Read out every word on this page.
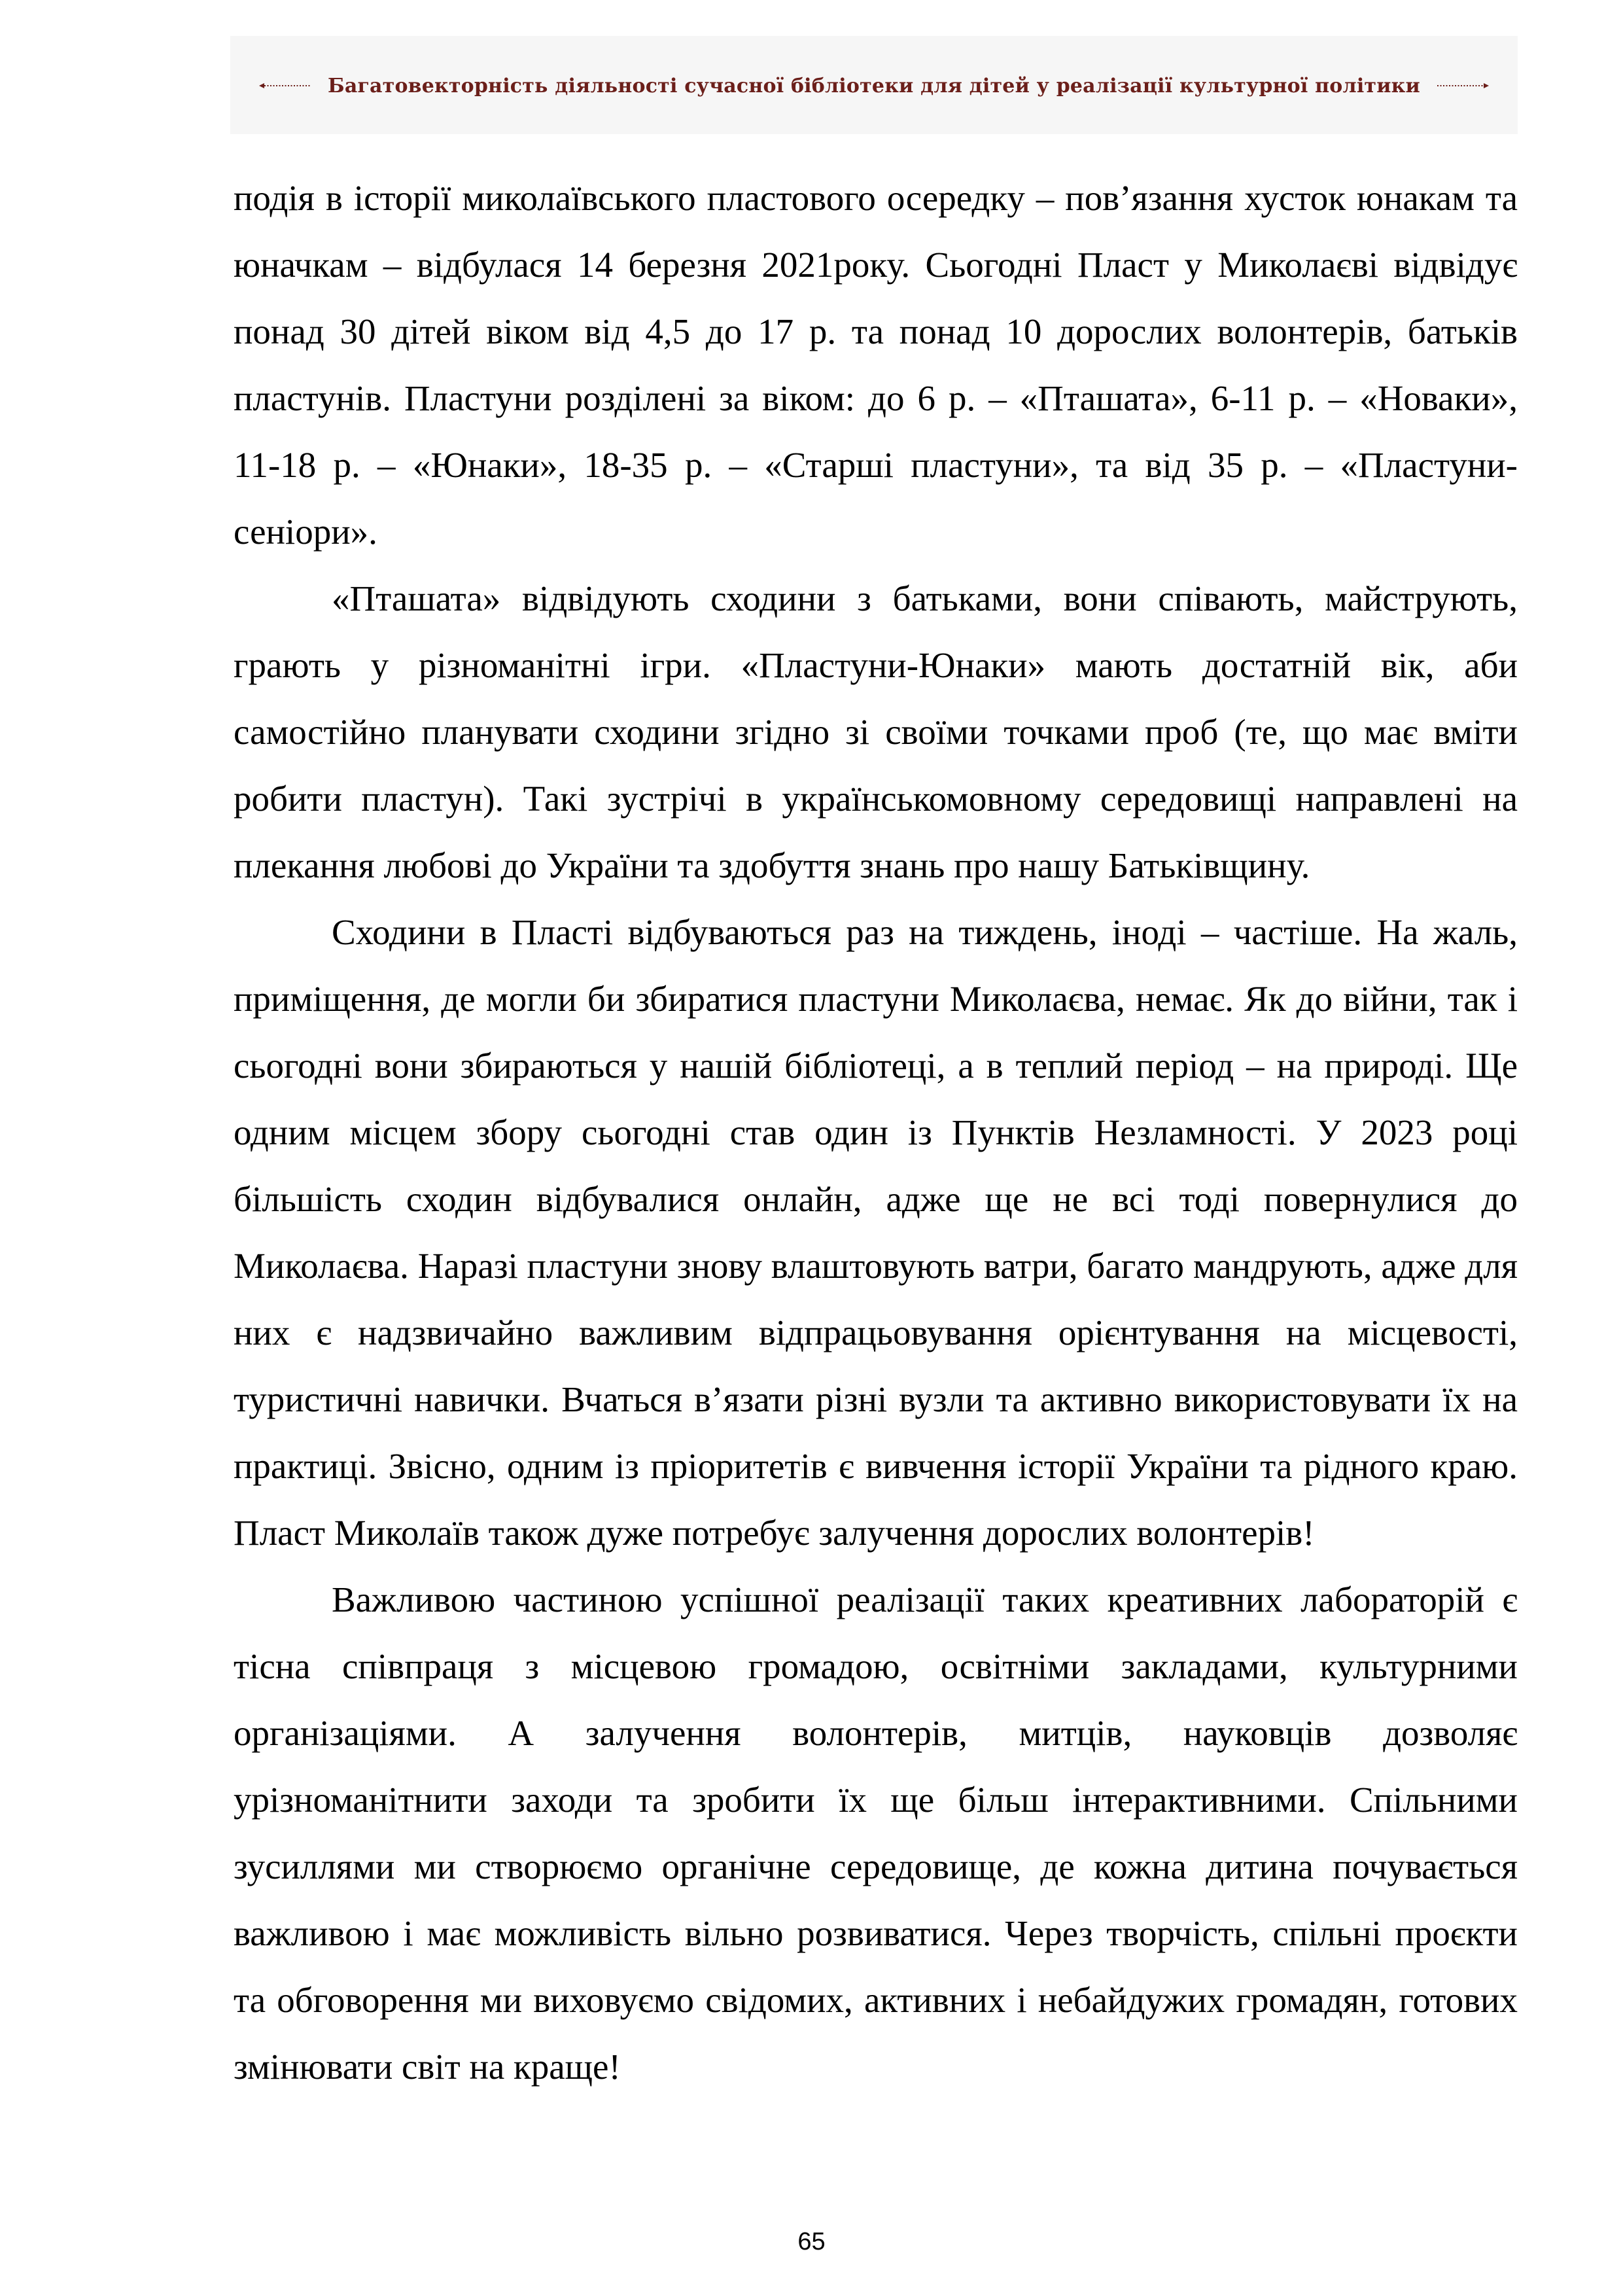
Багатовекторність діяльності сучасної бібліотеки для дітей у реалізації культурної політики

подія в історії миколаївського пластового осередку – пов’язання хусток юнакам та юначкам – відбулася 14 березня 2021року. Сьогодні Пласт у Миколаєві відвідує понад 30 дітей віком від 4,5 до 17 р. та понад 10 дорослих волонтерів, батьків пластунів. Пластуни розділені за віком: до 6 р. – «Пташата», 6-11 р. – «Новаки», 11-18 р. – «Юнаки», 18-35 р. – «Старші пластуни», та від 35 р. – «Пластуни-сеніори».

«Пташата» відвідують сходини з батьками, вони співають, майструють, грають у різноманітні ігри. «Пластуни-Юнаки» мають достатній вік, аби самостійно планувати сходини згідно зі своїми точками проб (те, що має вміти робити пластун). Такі зустрічі в українськомовному середовищі направлені на плекання любові до України та здобуття знань про нашу Батьківщину.

Сходини в Пласті відбуваються раз на тиждень, іноді – частіше. На жаль, приміщення, де могли би збиратися пластуни Миколаєва, немає. Як до війни, так і сьогодні вони збираються у нашій бібліотеці, а в теплий період – на природі. Ще одним місцем збору сьогодні став один із Пунктів Незламності. У 2023 році більшість сходин відбувалися онлайн, адже ще не всі тоді повернулися до Миколаєва. Наразі пластуни знову влаштовують ватри, багато мандрують, адже для них є надзвичайно важливим відпрацьовування орієнтування на місцевості, туристичні навички. Вчаться в’язати різні вузли та активно використовувати їх на практиці. Звісно, одним із пріоритетів є вивчення історії України та рідного краю. Пласт Миколаїв також дуже потребує залучення дорослих волонтерів!

Важливою частиною успішної реалізації таких креативних лабораторій є тісна співпраця з місцевою громадою, освітніми закладами, культурними організаціями. А залучення волонтерів, митців, науковців дозволяє урізноманітнити заходи та зробити їх ще більш інтерактивними. Спільними зусиллями ми створюємо органічне середовище, де кожна дитина почувається важливою і має можливість вільно розвиватися. Через творчість, спільні проєкти та обговорення ми виховуємо свідомих, активних і небайдужих громадян, готових змінювати світ на краще!

65
